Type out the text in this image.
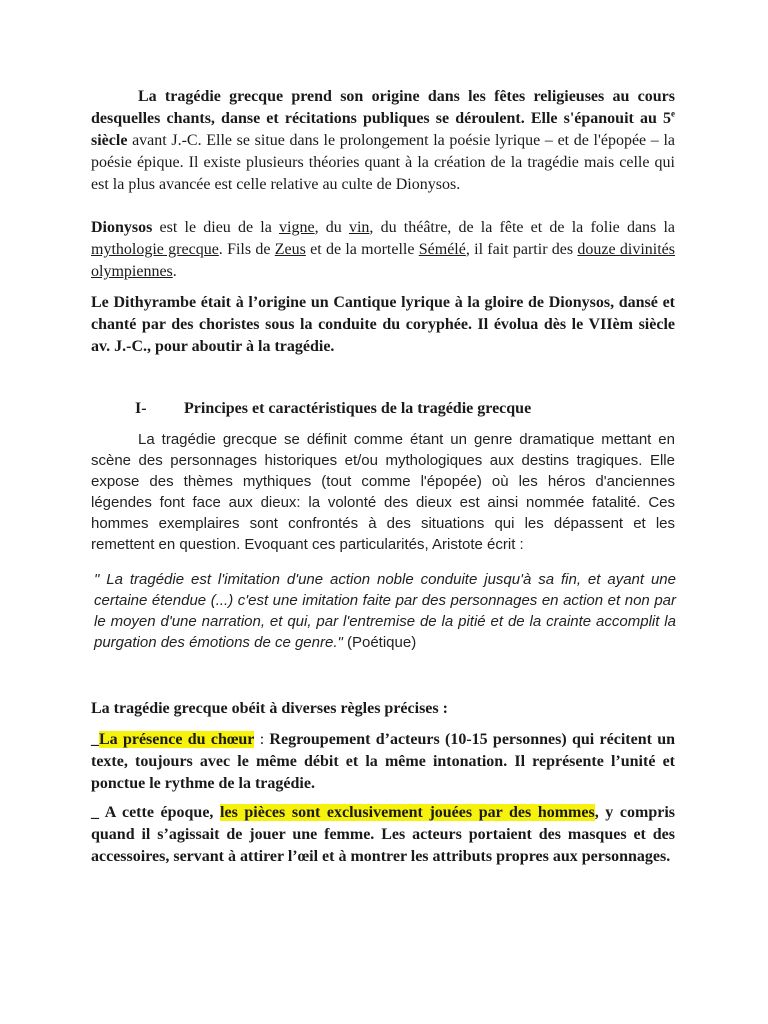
La tragédie grecque prend son origine dans les fêtes religieuses au cours desquelles chants, danse et récitations publiques se déroulent. Elle s'épanouit au 5e siècle avant J.-C. Elle se situe dans le prolongement la poésie lyrique – et de l'épopée – la poésie épique. Il existe plusieurs théories quant à la création de la tragédie mais celle qui est la plus avancée est celle relative au culte de Dionysos.

Dionysos est le dieu de la vigne, du vin, du théâtre, de la fête et de la folie dans la mythologie grecque. Fils de Zeus et de la mortelle Sémélé, il fait partir des douze divinités olympiennes.

Le Dithyrambe était à l’origine un Cantique lyrique à la gloire de Dionysos, dansé et chanté par des choristes sous la conduite du coryphée. Il évolua dès le VIIèm siècle av. J.-C., pour aboutir à la tragédie.

I- Principes et caractéristiques de la tragédie grecque

La tragédie grecque se définit comme étant un genre dramatique mettant en scène des personnages historiques et/ou mythologiques aux destins tragiques. Elle expose des thèmes mythiques (tout comme l'épopée) où les héros d'anciennes légendes font face aux dieux: la volonté des dieux est ainsi nommée fatalité. Ces hommes exemplaires sont confrontés à des situations qui les dépassent et les remettent en question. Evoquant ces particularités, Aristote écrit :

" La tragédie est l'imitation d'une action noble conduite jusqu'à sa fin, et ayant une certaine étendue (...) c'est une imitation faite par des personnages en action et non par le moyen d'une narration, et qui, par l'entremise de la pitié et de la crainte accomplit la purgation des émotions de ce genre." (Poétique)

La tragédie grecque obéit à diverses règles précises :

_La présence du chœur : Regroupement d’acteurs (10-15 personnes) qui récitent un texte, toujours avec le même débit et la même intonation. Il représente l’unité et ponctue le rythme de la tragédie.

_ A cette époque, les pièces sont exclusivement jouées par des hommes, y compris quand il s’agissait de jouer une femme. Les acteurs portaient des masques et des accessoires, servant à attirer l’œil et à montrer les attributs propres aux personnages.
